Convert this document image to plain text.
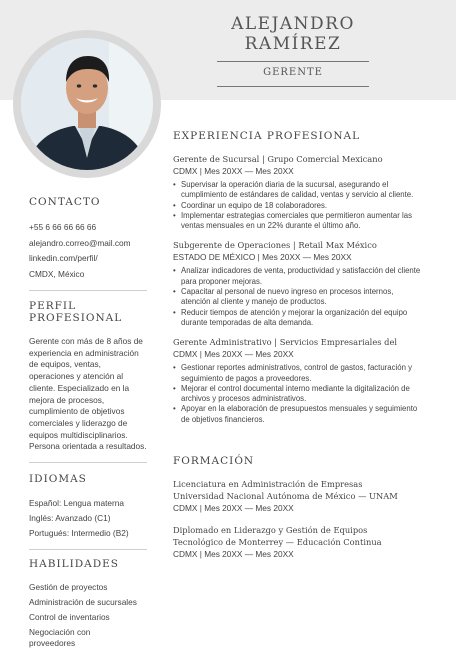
ALEJANDRO
RAMÍREZ
GERENTE
CONTACTO
+55 6 66 66 66 66
alejandro.correo@mail.com
linkedin.com/perfil/
CMDX, México
PERFIL PROFESIONAL
Gerente con más de 8 años de experiencia en administración de equipos, ventas, operaciones y atención al cliente. Especializado en la mejora de procesos, cumplimiento de objetivos comerciales y liderazgo de equipos multidisciplinarios. Persona orientada a resultados.
IDIOMAS
Español: Lengua materna
Inglés: Avanzado (C1)
Portugués: Intermedio (B2)
HABILIDADES
Gestión de proyectos
Administración de sucursales
Control de inventarios
Negociación con proveedores
EXPERIENCIA PROFESIONAL
Gerente de Sucursal | Grupo Comercial Mexicano
CDMX | Mes 20XX — Mes 20XX
• Supervisar la operación diaria de la sucursal, asegurando el cumplimiento de estándares de calidad, ventas y servicio al cliente.
• Coordinar un equipo de 18 colaboradores.
• Implementar estrategias comerciales que permitieron aumentar las ventas mensuales en un 22% durante el último año.
Subgerente de Operaciones | Retail Max México
ESTADO DE MÉXICO | Mes 20XX — Mes 20XX
• Analizar indicadores de venta, productividad y satisfacción del cliente para proponer mejoras.
• Capacitar al personal de nuevo ingreso en procesos internos, atención al cliente y manejo de productos.
• Reducir tiempos de atención y mejorar la organización del equipo durante temporadas de alta demanda.
Gerente Administrativo | Servicios Empresariales del
CDMX | Mes 20XX — Mes 20XX
• Gestionar reportes administrativos, control de gastos, facturación y seguimiento de pagos a proveedores.
• Mejorar el control documental interno mediante la digitalización de archivos y procesos administrativos.
• Apoyar en la elaboración de presupuestos mensuales y seguimiento de objetivos financieros.
FORMACIÓN
Licenciatura en Administración de Empresas
Universidad Nacional Autónoma de México — UNAM
CDMX | Mes 20XX — Mes 20XX
Diplomado en Liderazgo y Gestión de Equipos
Tecnológico de Monterrey — Educación Continua
CDMX | Mes 20XX — Mes 20XX
